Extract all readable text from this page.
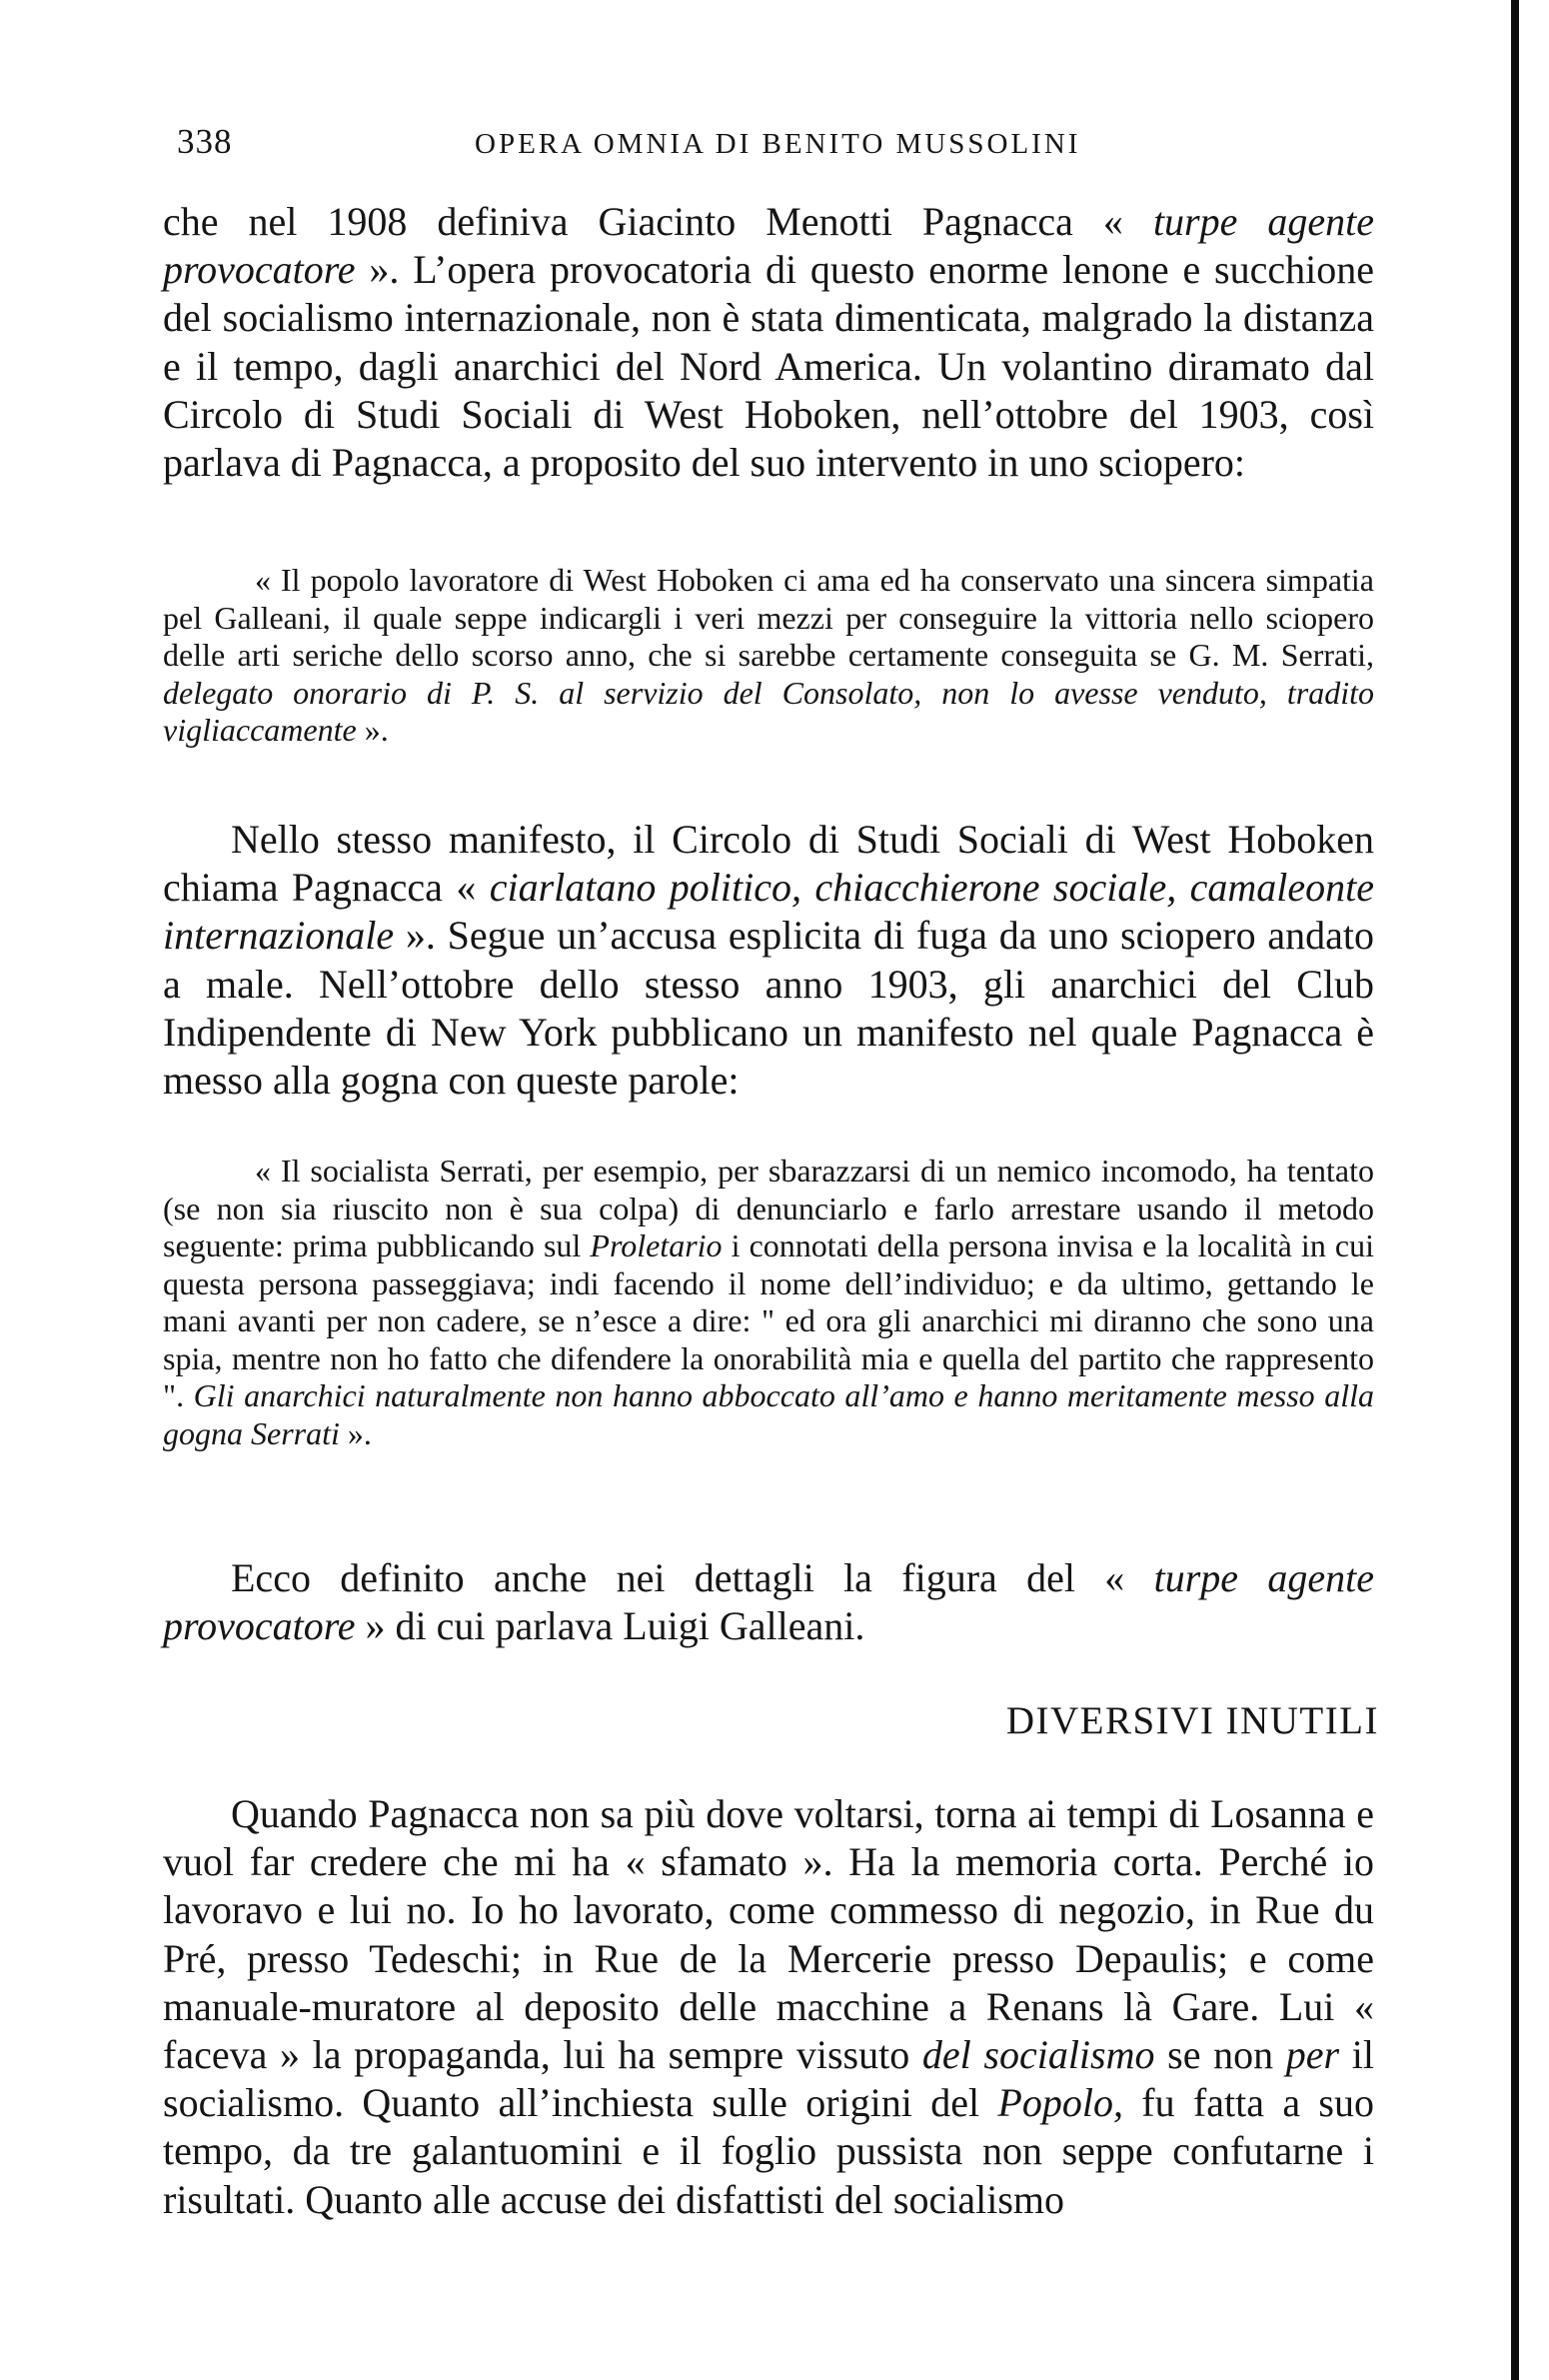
338	OPERA OMNIA DI BENITO MUSSOLINI

che nel 1908 definiva Giacinto Menotti Pagnacca « turpe agente provocatore ». L’opera provocatoria di questo enorme lenone e succhione del socialismo internazionale, non è stata dimenticata, malgrado la distanza e il tempo, dagli anarchici del Nord America. Un volantino diramato dal Circolo di Studi Sociali di West Hoboken, nell’ottobre del 1903, così parlava di Pagnacca, a proposito del suo intervento in uno sciopero:

« Il popolo lavoratore di West Hoboken ci ama ed ha conservato una sincera simpatia pel Galleani, il quale seppe indicargli i veri mezzi per conseguire la vittoria nello sciopero delle arti seriche dello scorso anno, che si sarebbe certamente conseguita se G. M. Serrati, delegato onorario di P. S. al servizio del Consolato, non lo avesse venduto, tradito vigliaccamente ».

Nello stesso manifesto, il Circolo di Studi Sociali di West Hoboken chiama Pagnacca « ciarlatano politico, chiacchierone sociale, camaleonte internazionale ». Segue un’accusa esplicita di fuga da uno sciopero andato a male. Nell’ottobre dello stesso anno 1903, gli anarchici del Club Indipendente di New York pubblicano un manifesto nel quale Pagnacca è messo alla gogna con queste parole:

« Il socialista Serrati, per esempio, per sbarazzarsi di un nemico incomodo, ha tentato (se non sia riuscito non è sua colpa) di denunciarlo e farlo arrestare usando il metodo seguente: prima pubblicando sul Proletario i connotati della persona invisa e la località in cui questa persona passeggiava; indi facendo il nome dell’individuo; e da ultimo, gettando le mani avanti per non cadere, se n’esce a dire: " ed ora gli anarchici mi diranno che sono una spia, mentre non ho fatto che difendere la onorabilità mia e quella del partito che rappresento ". Gli anarchici naturalmente non hanno abboccato all’amo e hanno meritamente messo alla gogna Serrati ».

Ecco definito anche nei dettagli la figura del « turpe agente provocatore » di cui parlava Luigi Galleani.

DIVERSIVI INUTILI

Quando Pagnacca non sa più dove voltarsi, torna ai tempi di Losanna e vuol far credere che mi ha « sfamato ». Ha la memoria corta. Perché io lavoravo e lui no. Io ho lavorato, come commesso di negozio, in Rue du Pré, presso Tedeschi; in Rue de la Mercerie presso Depaulis; e come manuale-muratore al deposito delle macchine a Renans là Gare. Lui « faceva » la propaganda, lui ha sempre vissuto del socialismo se non per il socialismo. Quanto all’inchiesta sulle origini del Popolo, fu fatta a suo tempo, da tre galantuomini e il foglio pussista non seppe confutarne i risultati. Quanto alle accuse dei disfattisti del socialismo
